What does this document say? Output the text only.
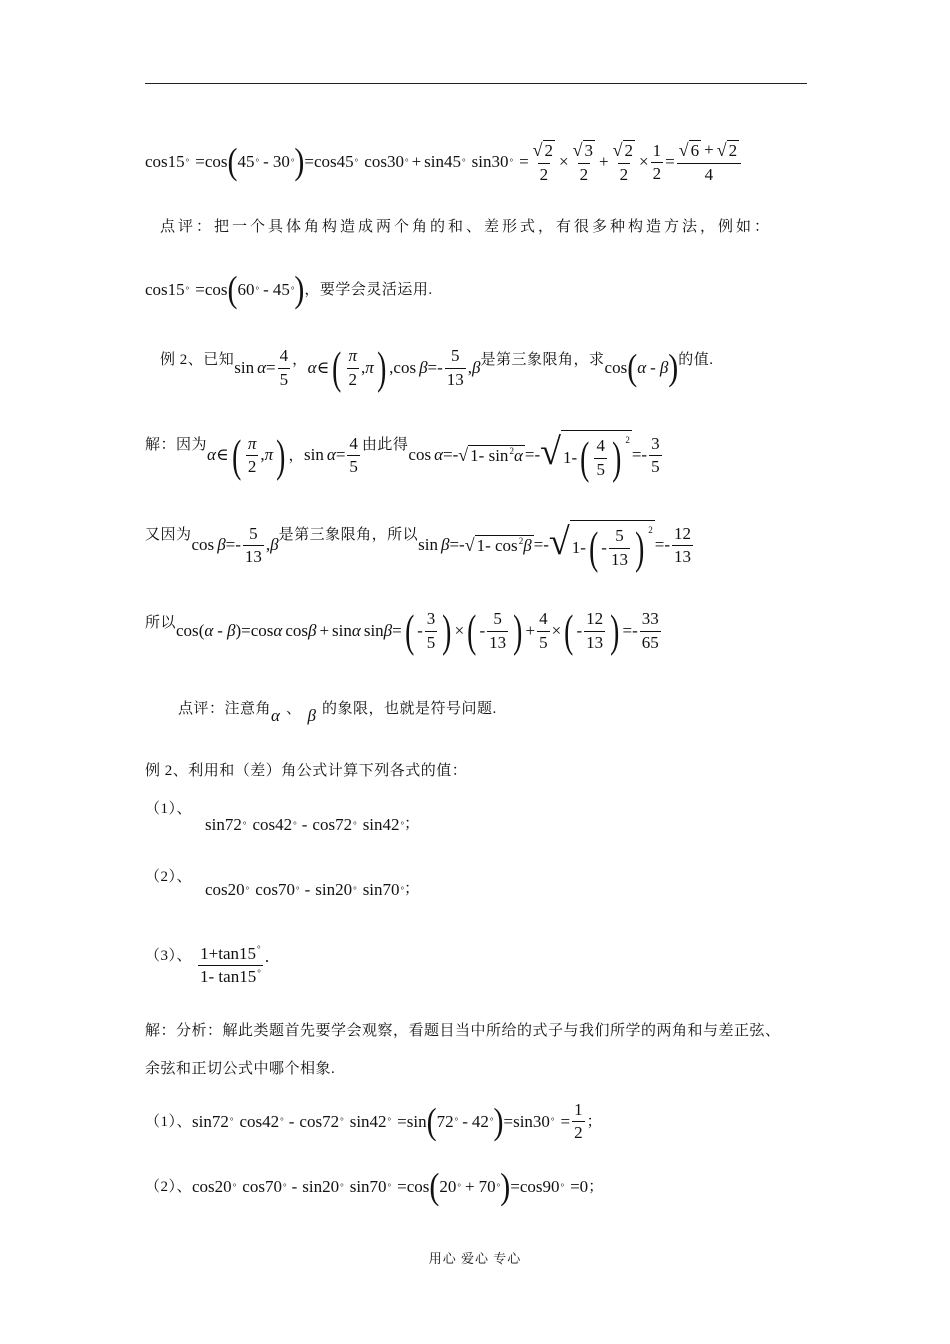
cos15 ° =cos ( 45 ° - 30 ° ) =cos45 ° cos30 ° + sin45 ° sin30 ° = $\frac{√ 2}{2} \times \frac{√ 3}{2} + \frac{√ 2}{2} \times \frac{1}{2} = \frac{√ 6 + √ 2}{4}$
点评：把一个具体角构造成两个角的和、差形式，有很多种构造方法，例如：
cos15 ° =cos ( 60 ° - 45 ° ) ，要学会灵活运用.
例 2、已知 $\sin \alpha = \frac{4}{5}$ ， α ∈ ( π
2
, π ) , cos β =-
5
13
, β 是第三象限角，求 cos ( α - β ) 的值.
解：因为
α ∈ ( π
2
, π ) ， $\sin \alpha = \frac{4}{5}$ 由此得
cos α =- √ 1- $\sin^2\alpha$ =- √ 1- ( 4
5 ) 2
=-
3
5
又因为
cos β =-
5
13
, β
是第三象限角，所以
sin β =- √ 1- $\cos^2\beta$ =- √ 1- ( -
5
13 ) 2
=-
12
13
所以 cos ( α - β ) = cos α cos β + sin α sin β = ( -
3
5 ) × ( -
5
13 ) + $\frac{4}{5}$ × ( -
12
13 ) =-
33
65
点评：注意角 α 、 β 的象限，也就是符号问题.
例 2、利用和（差）角公式计算下列各式的值：
（1）、
sin72 ° cos42 ° - cos72 ° sin42 ° ；
（2）、
cos20 ° cos70 ° - sin20 ° sin70 ° ；
（3）、 1+tan15°
1- tan15°
.
解：分析：解此类题首先要学会观察，看题目当中所给的式子与我们所学的两角和与差正弦、
余弦和正切公式中哪个相象.
（1）、 sin72 ° cos42 ° - cos72 ° sin42 ° = sin ( 72 ° - 42 ° ) =sin30 ° = $\frac{1}{2}$ ；
（2）、 cos20 ° cos70 ° - sin20 ° sin70 ° = cos ( 20 ° + 70 ° ) =cos90 ° =0 ；
用心 爱心 专心
